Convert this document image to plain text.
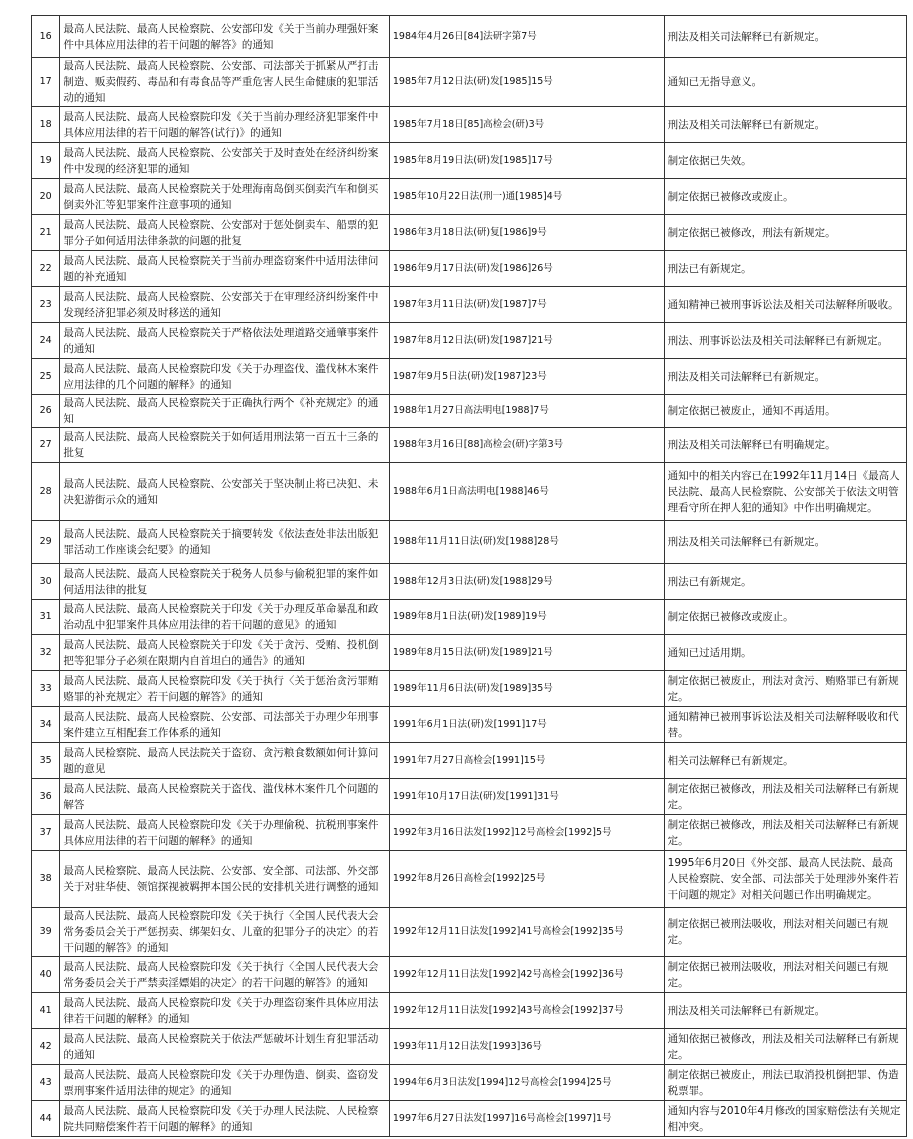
16	最高人民法院、最高人民检察院、公安部印发《关于当前办理强奸案件中具体应用法律的若干问题的解答》的通知	1984年4月26日[84]法研字第7号	刑法及相关司法解释已有新规定。
17	最高人民法院、最高人民检察院、公安部、司法部关于抓紧从严打击制造、贩卖假药、毒品和有毒食品等严重危害人民生命健康的犯罪活动的通知	1985年7月12日法(研)发[1985]15号	通知已无指导意义。
18	最高人民法院、最高人民检察院印发《关于当前办理经济犯罪案件中具体应用法律的若干问题的解答(试行)》的通知	1985年7月18日[85]高检会(研)3号	刑法及相关司法解释已有新规定。
19	最高人民法院、最高人民检察院、公安部关于及时查处在经济纠纷案件中发现的经济犯罪的通知	1985年8月19日法(研)发[1985]17号	制定依据已失效。
20	最高人民法院、最高人民检察院关于处理海南岛倒买倒卖汽车和倒买倒卖外汇等犯罪案件注意事项的通知	1985年10月22日法(刑一)通[1985]4号	制定依据已被修改或废止。
21	最高人民法院、最高人民检察院、公安部对于惩处倒卖车、船票的犯罪分子如何适用法律条款的问题的批复	1986年3月18日法(研)复[1986]9号	制定依据已被修改，刑法有新规定。
22	最高人民法院、最高人民检察院关于当前办理盗窃案件中适用法律问题的补充通知	1986年9月17日法(研)发[1986]26号	刑法已有新规定。
23	最高人民法院、最高人民检察院、公安部关于在审理经济纠纷案件中发现经济犯罪必须及时移送的通知	1987年3月11日法(研)发[1987]7号	通知精神已被刑事诉讼法及相关司法解释所吸收。
24	最高人民法院、最高人民检察院关于严格依法处理道路交通肇事案件的通知	1987年8月12日法(研)发[1987]21号	刑法、刑事诉讼法及相关司法解释已有新规定。
25	最高人民法院、最高人民检察院印发《关于办理盗伐、滥伐林木案件应用法律的几个问题的解释》的通知	1987年9月5日法(研)发[1987]23号	刑法及相关司法解释已有新规定。
26	最高人民法院、最高人民检察院关于正确执行两个《补充规定》的通知	1988年1月27日高法明电[1988]7号	制定依据已被废止，通知不再适用。
27	最高人民法院、最高人民检察院关于如何适用刑法第一百五十三条的批复	1988年3月16日[88]高检会(研)字第3号	刑法及相关司法解释已有明确规定。
28	最高人民法院、最高人民检察院、公安部关于坚决制止将已决犯、未决犯游街示众的通知	1988年6月1日高法明电[1988]46号	通知中的相关内容已在1992年11月14日《最高人民法院、最高人民检察院、公安部关于依法文明管理看守所在押人犯的通知》中作出明确规定。
29	最高人民法院、最高人民检察院关于摘要转发《依法查处非法出版犯罪活动工作座谈会纪要》的通知	1988年11月11日法(研)发[1988]28号	刑法及相关司法解释已有新规定。
30	最高人民法院、最高人民检察院关于税务人员参与偷税犯罪的案件如何适用法律的批复	1988年12月3日法(研)发[1988]29号	刑法已有新规定。
31	最高人民法院、最高人民检察院关于印发《关于办理反革命暴乱和政治动乱中犯罪案件具体应用法律的若干问题的意见》的通知	1989年8月1日法(研)发[1989]19号	制定依据已被修改或废止。
32	最高人民法院、最高人民检察院关于印发《关于贪污、受贿、投机倒把等犯罪分子必须在限期内自首坦白的通告》的通知	1989年8月15日法(研)发[1989]21号	通知已过适用期。
33	最高人民法院、最高人民检察院印发《关于执行〈关于惩治贪污罪贿赂罪的补充规定〉若干问题的解答》的通知	1989年11月6日法(研)发[1989]35号	制定依据已被废止，刑法对贪污、贿赂罪已有新规定。
34	最高人民法院、最高人民检察院、公安部、司法部关于办理少年刑事案件建立互相配套工作体系的通知	1991年6月1日法(研)发[1991]17号	通知精神已被刑事诉讼法及相关司法解释吸收和代替。
35	最高人民检察院、最高人民法院关于盗窃、贪污粮食数额如何计算问题的意见	1991年7月27日高检会[1991]15号	相关司法解释已有新规定。
36	最高人民法院、最高人民检察院关于盗伐、滥伐林木案件几个问题的解答	1991年10月17日法(研)发[1991]31号	制定依据已被修改，刑法及相关司法解释已有新规定。
37	最高人民法院、最高人民检察院印发《关于办理偷税、抗税刑事案件具体应用法律的若干问题的解释》的通知	1992年3月16日法发[1992]12号高检会[1992]5号	制定依据已被修改，刑法及相关司法解释已有新规定。
38	最高人民检察院、最高人民法院、公安部、安全部、司法部、外交部关于对驻华使、领馆探视被羁押本国公民的安排机关进行调整的通知	1992年8月26日高检会[1992]25号	1995年6月20日《外交部、最高人民法院、最高人民检察院、安全部、司法部关于处理涉外案件若干问题的规定》对相关问题已作出明确规定。
39	最高人民法院、最高人民检察院印发《关于执行〈全国人民代表大会常务委员会关于严惩拐卖、绑架妇女、儿童的犯罪分子的决定〉的若干问题的解答》的通知	1992年12月11日法发[1992]41号高检会[1992]35号	制定依据已被刑法吸收，刑法对相关问题已有规定。
40	最高人民法院、最高人民检察院印发《关于执行〈全国人民代表大会常务委员会关于严禁卖淫嫖娼的决定〉的若干问题的解答》的通知	1992年12月11日法发[1992]42号高检会[1992]36号	制定依据已被刑法吸收，刑法对相关问题已有规定。
41	最高人民法院、最高人民检察院印发《关于办理盗窃案件具体应用法律若干问题的解释》的通知	1992年12月11日法发[1992]43号高检会[1992]37号	刑法及相关司法解释已有新规定。
42	最高人民法院、最高人民检察院关于依法严惩破坏计划生育犯罪活动的通知	1993年11月12日法发[1993]36号	通知依据已被修改，刑法及相关司法解释已有新规定。
43	最高人民法院、最高人民检察院印发《关于办理伪造、倒卖、盗窃发票刑事案件适用法律的规定》的通知	1994年6月3日法发[1994]12号高检会[1994]25号	制定依据已被废止，刑法已取消投机倒把罪、伪造税票罪。
44	最高人民法院、最高人民检察院印发《关于办理人民法院、人民检察院共同赔偿案件若干问题的解释》的通知	1997年6月27日法发[1997]16号高检会[1997]1号	通知内容与2010年4月修改的国家赔偿法有关规定相冲突。
